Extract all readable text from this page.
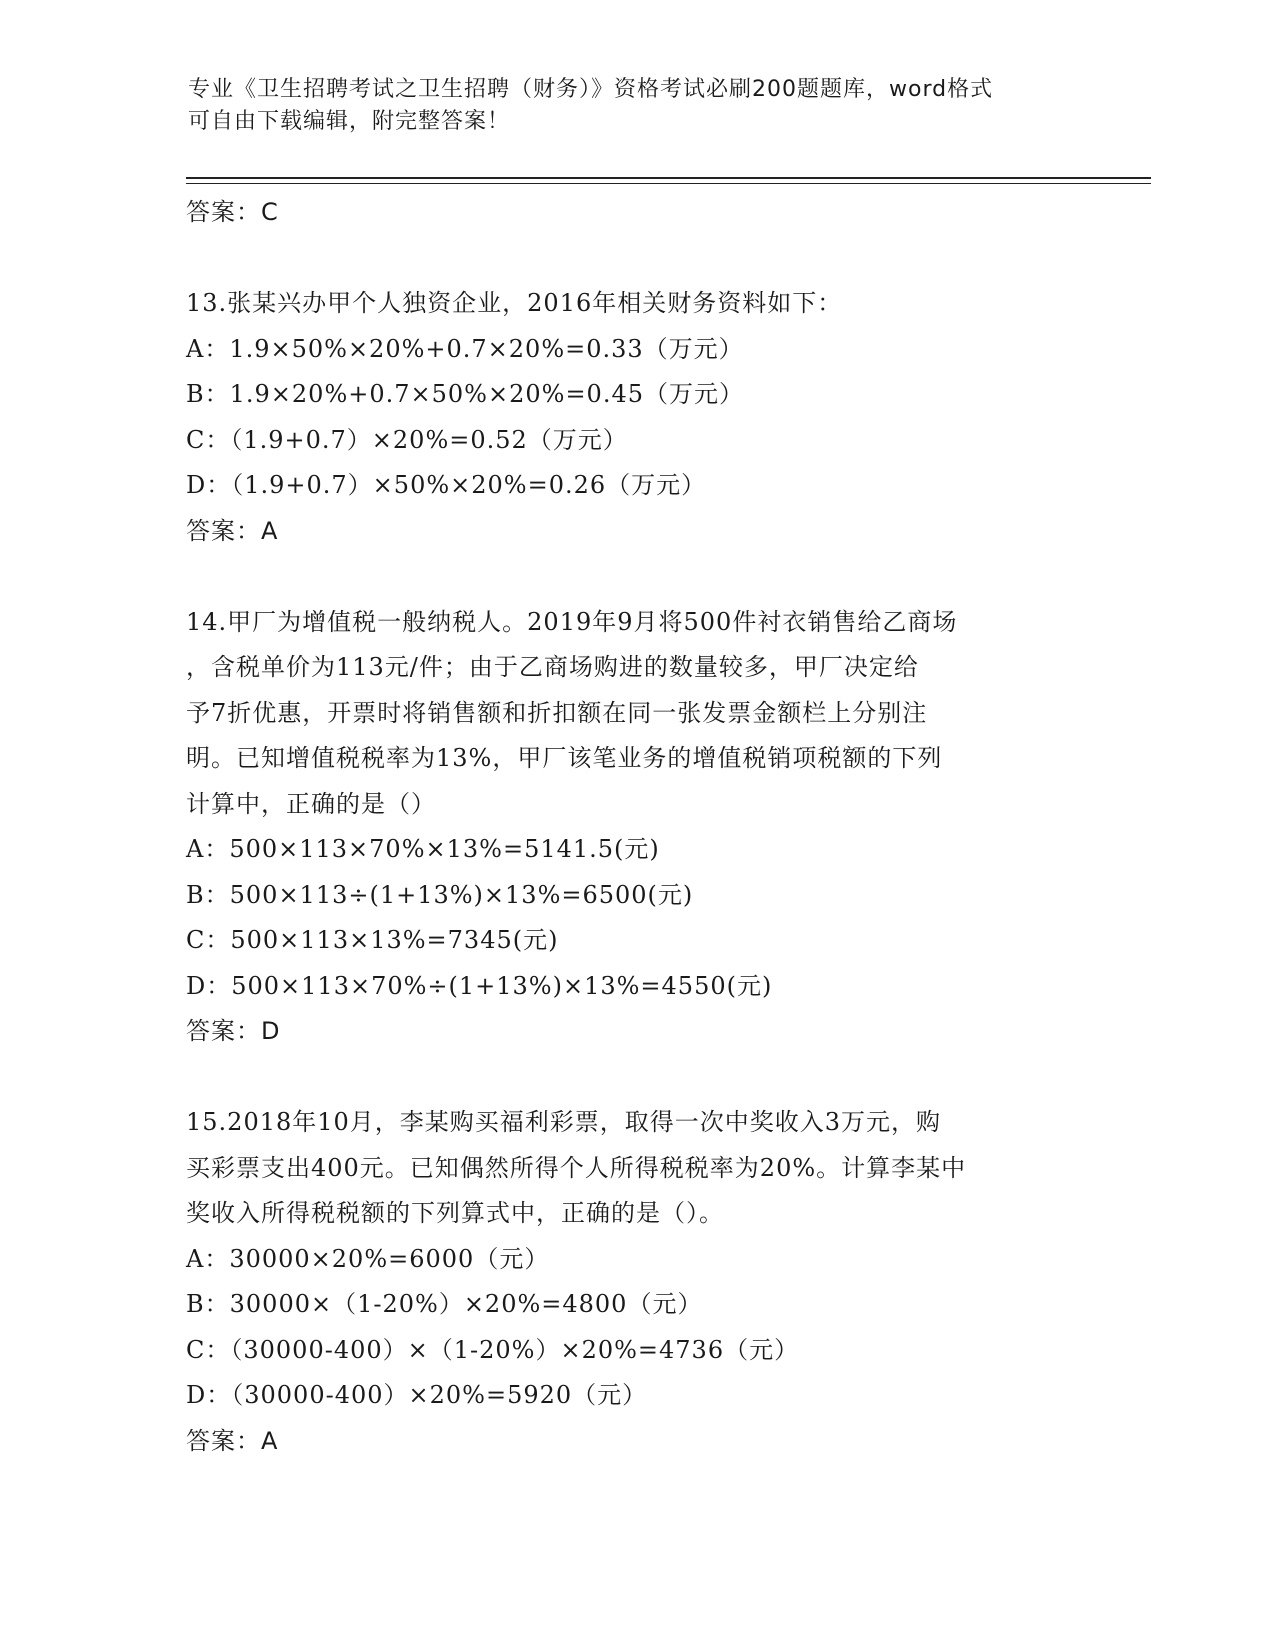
专业《卫生招聘考试之卫生招聘（财务）》资格考试必刷200题题库，word格式
可自由下载编辑，附完整答案！
答案：C
13.张某兴办甲个人独资企业，2016年相关财务资料如下：
A：1.9×50%×20%+0.7×20%=0.33（万元）
B：1.9×20%+0.7×50%×20%=0.45（万元）
C：（1.9+0.7）×20%=0.52（万元）
D：（1.9+0.7）×50%×20%=0.26（万元）
答案：A
14.甲厂为增值税一般纳税人。2019年9月将500件衬衣销售给乙商场
，含税单价为113元/件；由于乙商场购进的数量较多，甲厂决定给
予7折优惠，开票时将销售额和折扣额在同一张发票金额栏上分别注
明。已知增值税税率为13%，甲厂该笔业务的增值税销项税额的下列
计算中，正确的是（）
A：500×113×70%×13%=5141.5(元)
B：500×113÷(1+13%)×13%=6500(元)
C：500×113×13%=7345(元)
D：500×113×70%÷(1+13%)×13%=4550(元)
答案：D
15.2018年10月，李某购买福利彩票，取得一次中奖收入3万元，购
买彩票支出400元。已知偶然所得个人所得税税率为20%。计算李某中
奖收入所得税税额的下列算式中，正确的是（）。
A：30000×20%=6000（元）
B：30000×（1-20%）×20%=4800（元）
C：（30000-400）×（1-20%）×20%=4736（元）
D：（30000-400）×20%=5920（元）
答案：A
